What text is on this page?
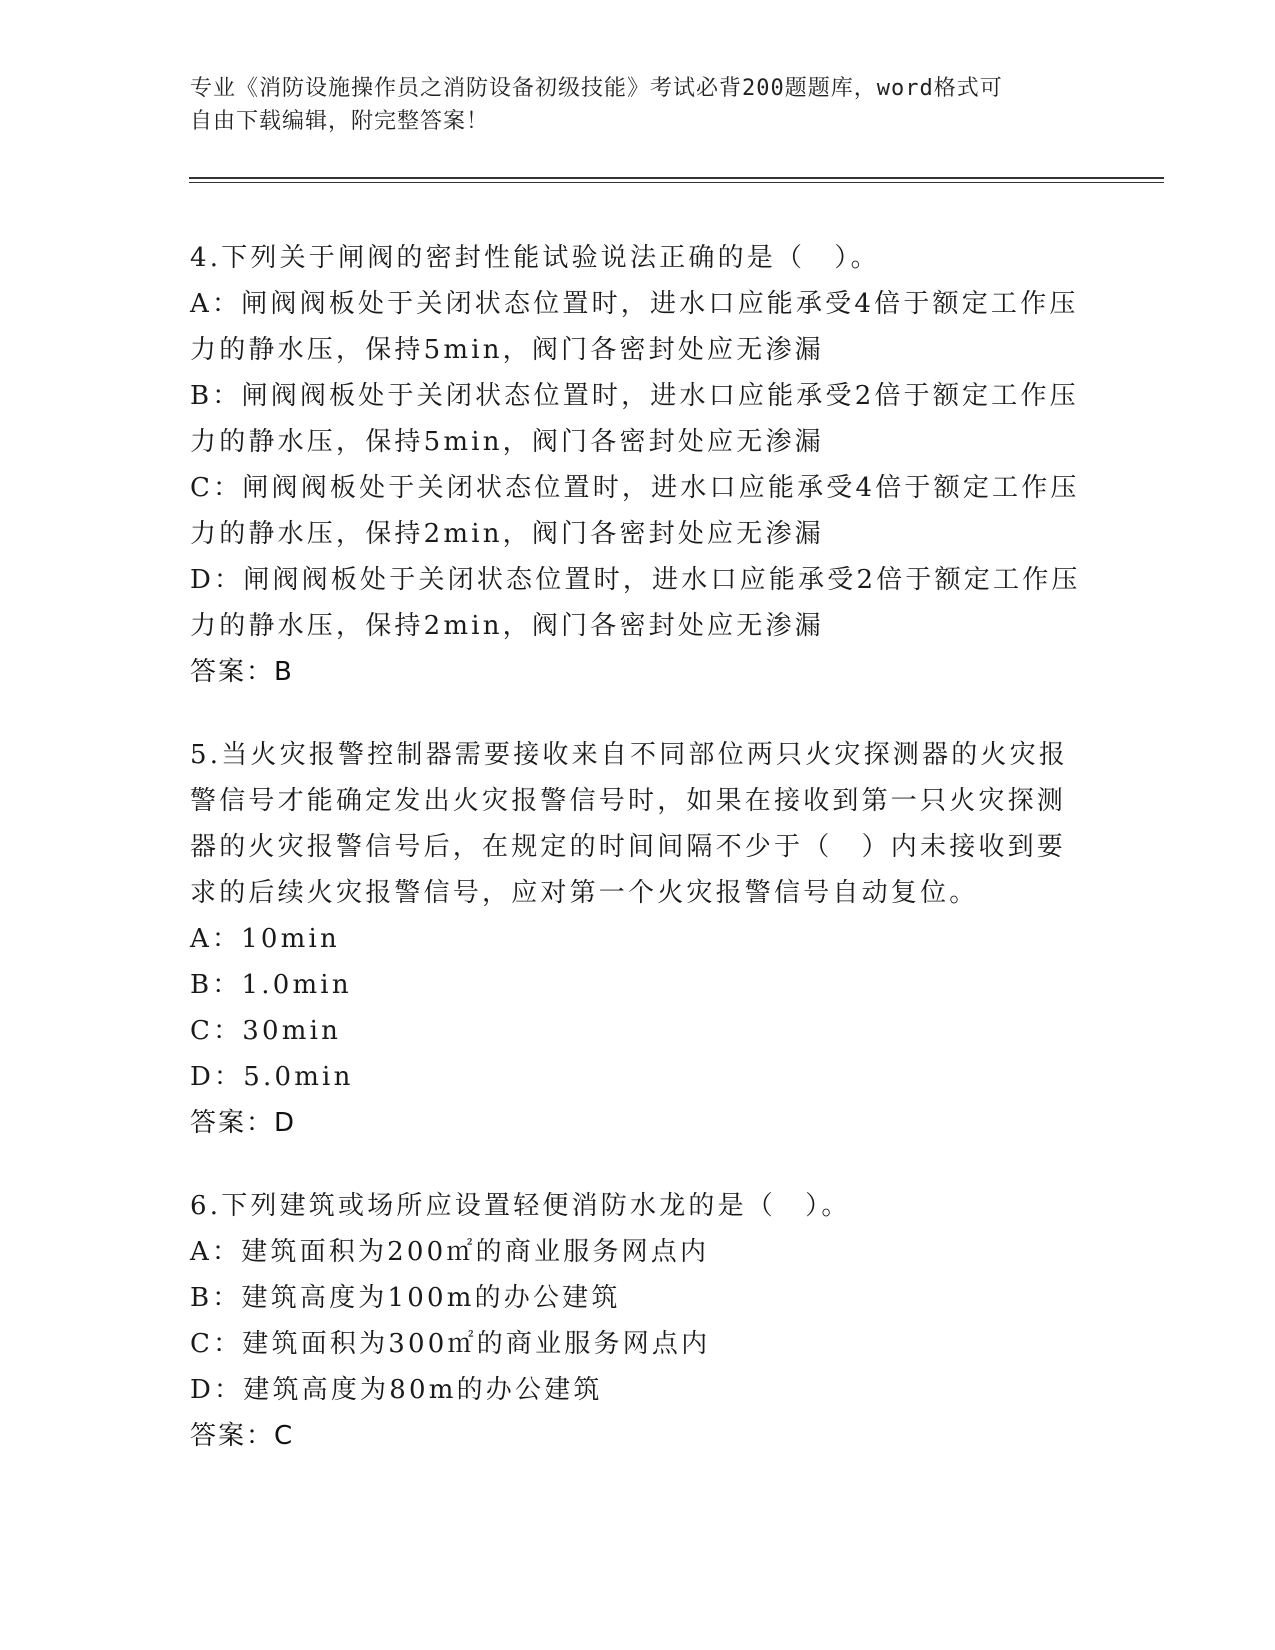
专业《消防设施操作员之消防设备初级技能》考试必背200题题库，word格式可
自由下载编辑，附完整答案！
4.下列关于闸阀的密封性能试验说法正确的是（　）。
A：闸阀阀板处于关闭状态位置时，进水口应能承受4倍于额定工作压
力的静水压，保持5min，阀门各密封处应无渗漏
B：闸阀阀板处于关闭状态位置时，进水口应能承受2倍于额定工作压
力的静水压，保持5min，阀门各密封处应无渗漏
C：闸阀阀板处于关闭状态位置时，进水口应能承受4倍于额定工作压
力的静水压，保持2min，阀门各密封处应无渗漏
D：闸阀阀板处于关闭状态位置时，进水口应能承受2倍于额定工作压
力的静水压，保持2min，阀门各密封处应无渗漏
答案：B
5.当火灾报警控制器需要接收来自不同部位两只火灾探测器的火灾报
警信号才能确定发出火灾报警信号时，如果在接收到第一只火灾探测
器的火灾报警信号后，在规定的时间间隔不少于（　）内未接收到要
求的后续火灾报警信号，应对第一个火灾报警信号自动复位。
A：10min
B：1.0min
C：30min
D：5.0min
答案：D
6.下列建筑或场所应设置轻便消防水龙的是（　）。
A：建筑面积为200㎡的商业服务网点内
B：建筑高度为100m的办公建筑
C：建筑面积为300㎡的商业服务网点内
D：建筑高度为80m的办公建筑
答案：C
